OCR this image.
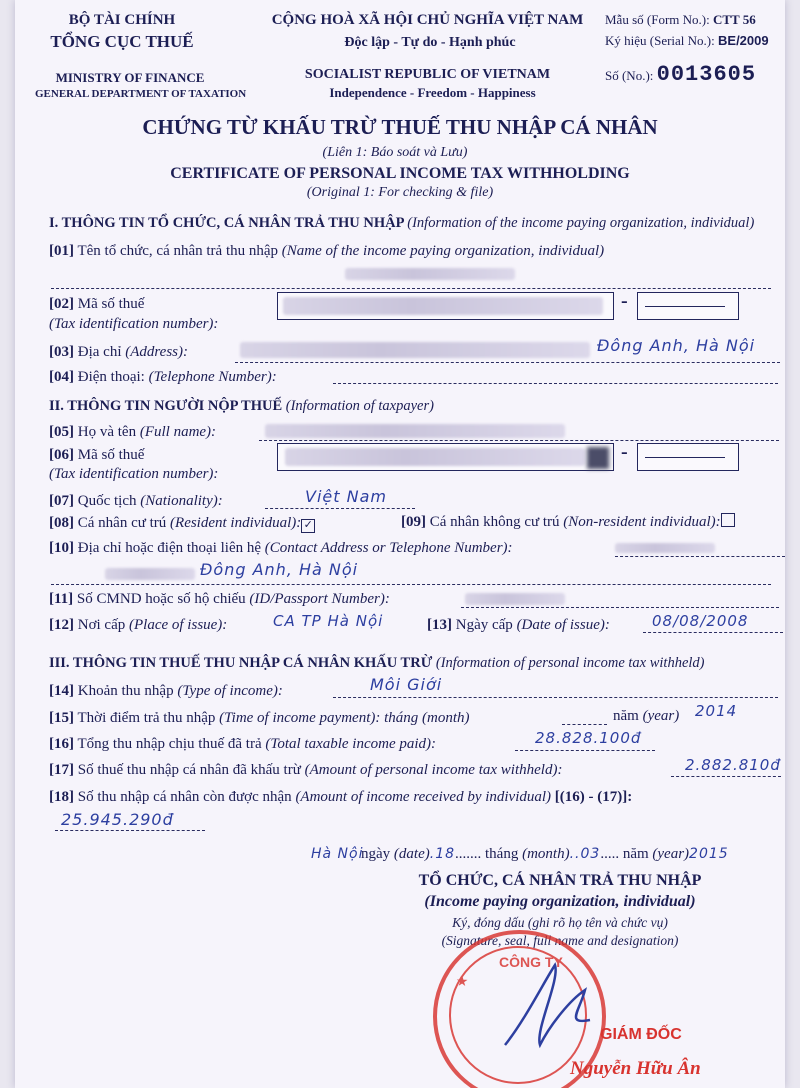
BỘ TÀI CHÍNH
TỔNG CỤC THUẾ
MINISTRY OF FINANCE
GENERAL DEPARTMENT OF TAXATION
CỘNG HOÀ XÃ HỘI CHỦ NGHĨA VIỆT NAM
Độc lập - Tự do - Hạnh phúc
SOCIALIST REPUBLIC OF VIETNAM
Independence - Freedom - Happiness
Mẫu số (Form No.): CTT 56
Ký hiệu (Serial No.): BE/2009
Số (No.): 0013605
CHỨNG TỪ KHẤU TRỪ THUẾ THU NHẬP CÁ NHÂN
(Liên 1: Báo soát và Lưu)
CERTIFICATE OF PERSONAL INCOME TAX WITHHOLDING
(Original 1: For checking & file)
I. THÔNG TIN TỔ CHỨC, CÁ NHÂN TRẢ THU NHẬP (Information of the income paying organization, individual)
[01] Tên tổ chức, cá nhân trả thu nhập (Name of the income paying organization, individual)
[02] Mã số thuế
(Tax identification number):
-
[03] Địa chỉ (Address):	Đông Anh, Hà Nội
[04] Điện thoại: (Telephone Number):
II. THÔNG TIN NGƯỜI NỘP THUẾ (Information of taxpayer)
[05] Họ và tên (Full name):
[06] Mã số thuế
(Tax identification number):
-
[07] Quốc tịch (Nationality):	Việt Nam
[08] Cá nhân cư trú (Resident individual): ✓	[09] Cá nhân không cư trú (Non-resident individual):
[10] Địa chỉ hoặc điện thoại liên hệ (Contact Address or Telephone Number):
Đông Anh, Hà Nội
[11] Số CMND hoặc số hộ chiếu (ID/Passport Number):
[12] Nơi cấp (Place of issue):	CA TP Hà Nội	[13] Ngày cấp (Date of issue):	08/08/2008
III. THÔNG TIN THUẾ THU NHẬP CÁ NHÂN KHẤU TRỪ (Information of personal income tax withheld)
[14] Khoản thu nhập (Type of income):	Môi Giới
[15] Thời điểm trả thu nhập (Time of income payment): tháng (month)	năm (year) 2014
[16] Tổng thu nhập chịu thuế đã trả (Total taxable income paid):	28.828.100đ
[17] Số thuế thu nhập cá nhân đã khấu trừ (Amount of personal income tax withheld):	2.882.810đ
[18] Số thu nhập cá nhân còn được nhận (Amount of income received by individual) [(16) - (17)]:
25.945.290đ
Hà Nội
ngày (date).18....... tháng (month)..03..... năm (year)2015
TỔ CHỨC, CÁ NHÂN TRẢ THU NHẬP
(Income paying organization, individual)
Ký, đóng dấu (ghi rõ họ tên và chức vụ)
(Signature, seal, full name and designation)
CÔNG TY
★
GIÁM ĐỐC
Nguyễn Hữu Ân
